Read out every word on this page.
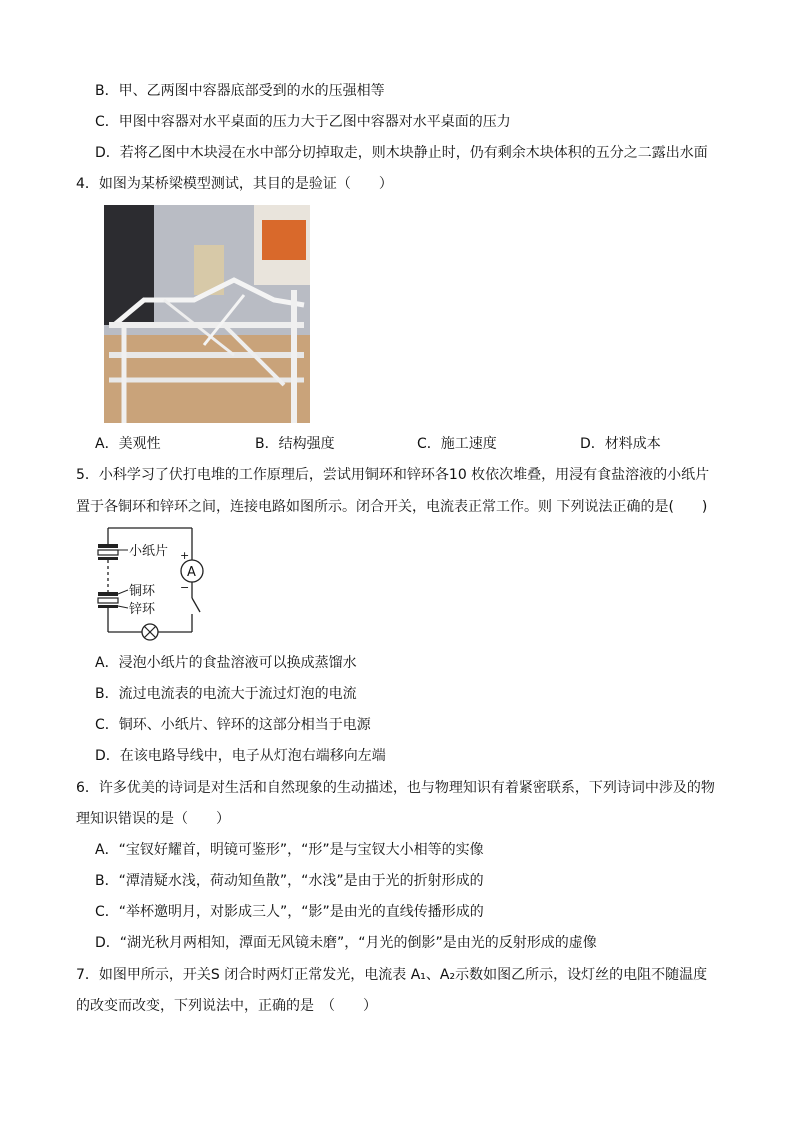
B．甲、乙两图中容器底部受到的水的压强相等
C．甲图中容器对水平桌面的压力大于乙图中容器对水平桌面的压力
D．若将乙图中木块浸在水中部分切掉取走，则木块静止时，仍有剩余木块体积的五分之二露出水面
4．如图为某桥梁模型测试，其目的是验证（　　）
A．美观性	B．结构强度	C．施工速度	D．材料成本
5．小科学习了伏打电堆的工作原理后，尝试用铜环和锌环各10 枚依次堆叠，用浸有食盐溶液的小纸片
置于各铜环和锌环之间，连接电路如图所示。闭合开关，电流表正常工作。则 下列说法正确的是(　　)
小纸片
铜环
锌环
+
A
−
A．浸泡小纸片的食盐溶液可以换成蒸馏水
B．流过电流表的电流大于流过灯泡的电流
C．铜环、小纸片、锌环的这部分相当于电源
D．在该电路导线中，电子从灯泡右端移向左端
6．许多优美的诗词是对生活和自然现象的生动描述，也与物理知识有着紧密联系，下列诗词中涉及的物
理知识错误的是（　　）
A．“宝钗好耀首，明镜可鉴形”，“形”是与宝钗大小相等的实像
B．“潭清疑水浅，荷动知鱼散”，“水浅”是由于光的折射形成的
C．“举杯邀明月，对影成三人”，“影”是由光的直线传播形成的
D．“湖光秋月两相知，潭面无风镜未磨”，“月光的倒影”是由光的反射形成的虚像
7．如图甲所示，开关S 闭合时两灯正常发光，电流表 A₁、A₂示数如图乙所示，设灯丝的电阻不随温度
的改变而改变，下列说法中，正确的是　（　　）
